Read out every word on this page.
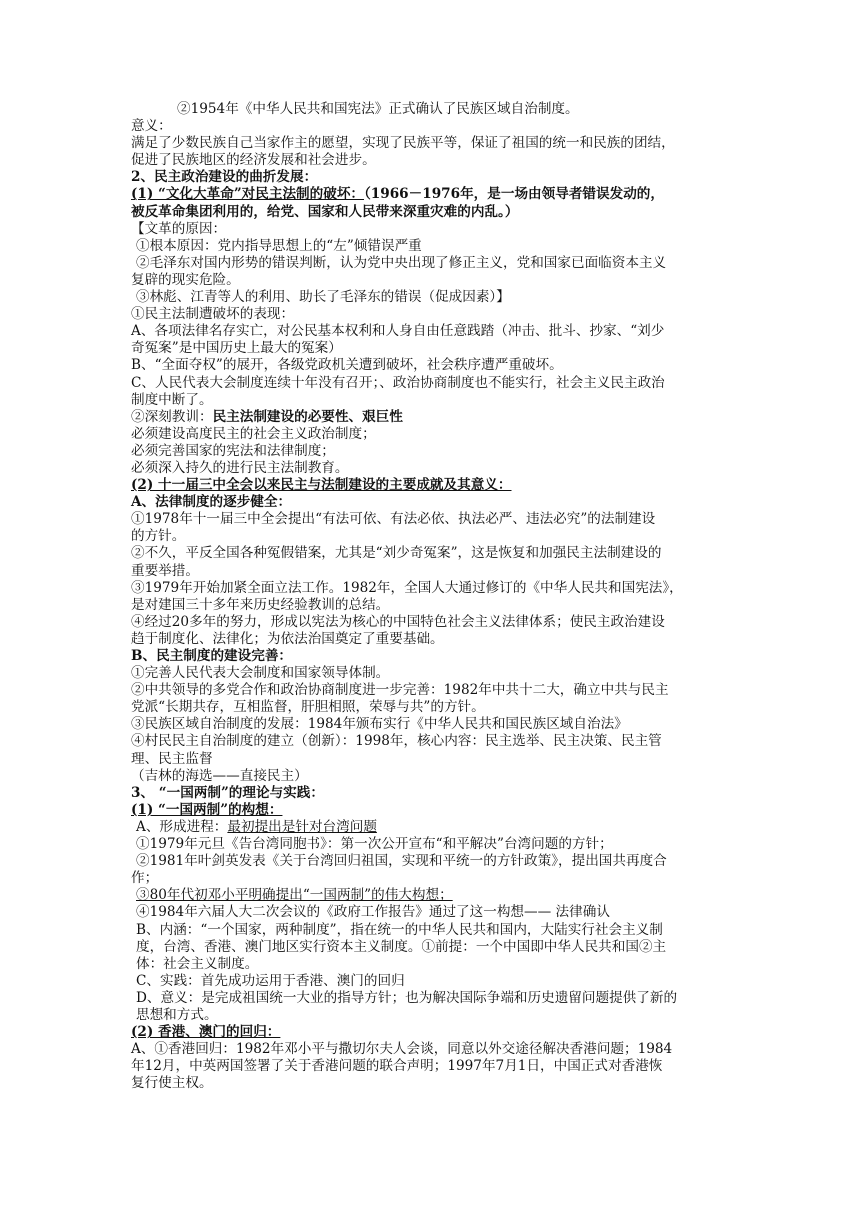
②1954年《中华人民共和国宪法》正式确认了民族区域自治制度。
意义：
满足了少数民族自己当家作主的愿望，实现了民族平等，保证了祖国的统一和民族的团结，
促进了民族地区的经济发展和社会进步。
2、民主政治建设的曲折发展：
(1) “文化大革命”对民主法制的破坏：（1966－1976年，是一场由领导者错误发动的，
被反革命集团利用的，给党、国家和人民带来深重灾难的内乱。）
【文革的原因：
①根本原因：党内指导思想上的“左”倾错误严重
②毛泽东对国内形势的错误判断，认为党中央出现了修正主义，党和国家已面临资本主义
复辟的现实危险。
③林彪、江青等人的利用、助长了毛泽东的错误（促成因素）】
①民主法制遭破坏的表现：
A、各项法律名存实亡，对公民基本权利和人身自由任意践踏（冲击、批斗、抄家、“刘少
奇冤案”是中国历史上最大的冤案）
B、“全面夺权”的展开，各级党政机关遭到破坏，社会秩序遭严重破坏。
C、人民代表大会制度连续十年没有召开；、政治协商制度也不能实行，社会主义民主政治
制度中断了。
②深刻教训：民主法制建设的必要性、艰巨性
必须建设高度民主的社会主义政治制度；
必须完善国家的宪法和法律制度；
必须深入持久的进行民主法制教育。
(2) 十一届三中全会以来民主与法制建设的主要成就及其意义：
A、法律制度的逐步健全：
①1978年十一届三中全会提出“有法可依、有法必依、执法必严、违法必究”的法制建设
的方针。
②不久，平反全国各种冤假错案，尤其是“刘少奇冤案”，这是恢复和加强民主法制建设的
重要举措。
③1979年开始加紧全面立法工作。1982年，全国人大通过修订的《中华人民共和国宪法》，
是对建国三十多年来历史经验教训的总结。
④经过20多年的努力，形成以宪法为核心的中国特色社会主义法律体系；使民主政治建设
趋于制度化、法律化；为依法治国奠定了重要基础。
B、民主制度的建设完善：
①完善人民代表大会制度和国家领导体制。
②中共领导的多党合作和政治协商制度进一步完善：1982年中共十二大，确立中共与民主
党派“长期共存，互相监督，肝胆相照，荣辱与共”的方针。
③民族区域自治制度的发展：1984年颁布实行《中华人民共和国民族区域自治法》
④村民民主自治制度的建立（创新）：1998年，核心内容：民主选举、民主决策、民主管
理、民主监督
（吉林的海选——直接民主）
3、 “一国两制”的理论与实践：
(1) “一国两制”的构想：
A、形成进程：最初提出是针对台湾问题
①1979年元旦《告台湾同胞书》：第一次公开宣布“和平解决”台湾问题的方针；
②1981年叶剑英发表《关于台湾回归祖国，实现和平统一的方针政策》，提出国共再度合
作；
③80年代初邓小平明确提出“一国两制”的伟大构想；
④1984年六届人大二次会议的《政府工作报告》通过了这一构想—— 法律确认
B、内涵：“一个国家，两种制度”，指在统一的中华人民共和国内，大陆实行社会主义制
度，台湾、香港、澳门地区实行资本主义制度。①前提：一个中国即中华人民共和国②主
体：社会主义制度。
C、实践：首先成功运用于香港、澳门的回归
D、意义：是完成祖国统一大业的指导方针；也为解决国际争端和历史遗留问题提供了新的
思想和方式。
(2) 香港、澳门的回归：
A、①香港回归：1982年邓小平与撒切尔夫人会谈，同意以外交途径解决香港问题；1984
年12月，中英两国签署了关于香港问题的联合声明；1997年7月1日，中国正式对香港恢
复行使主权。
